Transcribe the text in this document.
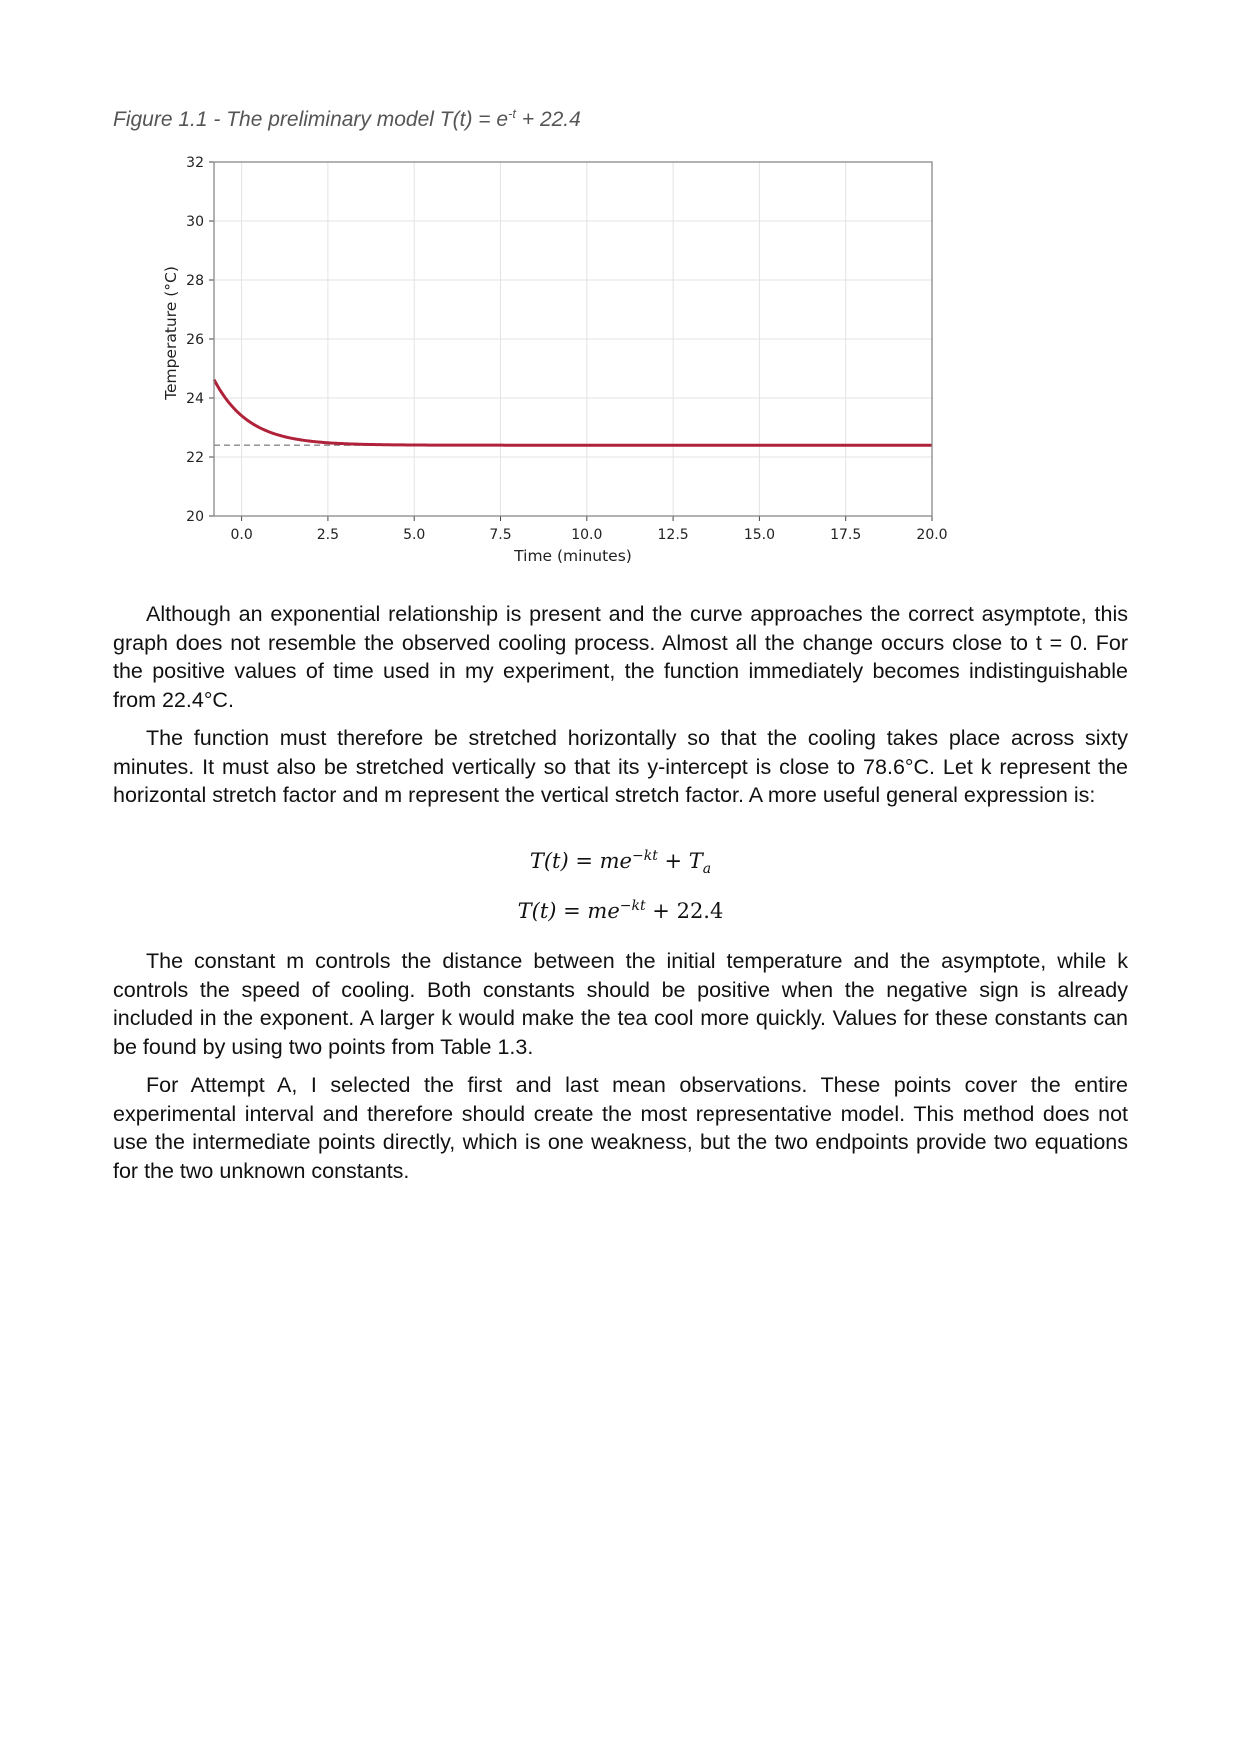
Figure 1.1 - The preliminary model $T(t) = e^{-t} + 22.4$
0.0	2.5	5.0	7.5	10.0	12.5	15.0	17.5	20.0
20
22
24
26
28
30
32
Time (minutes)
Temperature (°C)

Although an exponential relationship is present and the curve approaches the correct asymptote, this graph does not resemble the observed cooling process. Almost all the change occurs close to t = 0. For the positive values of time used in my experiment, the function immediately becomes indistinguishable from 22.4°C.

The function must therefore be stretched horizontally so that the cooling takes place across sixty minutes. It must also be stretched vertically so that its y-intercept is close to 78.6°C. Let k represent the horizontal stretch factor and m represent the vertical stretch factor. A more useful general expression is:

$T(t) = me^{-kt} + T_a$
$T(t) = me^{-kt} + 22.4$

The constant m controls the distance between the initial temperature and the asymptote, while k controls the speed of cooling. Both constants should be positive when the negative sign is already included in the exponent. A larger k would make the tea cool more quickly. Values for these constants can be found by using two points from Table 1.3.

For Attempt A, I selected the first and last mean observations. These points cover the entire experimental interval and therefore should create the most representative model. This method does not use the intermediate points directly, which is one weakness, but the two endpoints provide two equations for the two unknown constants.
